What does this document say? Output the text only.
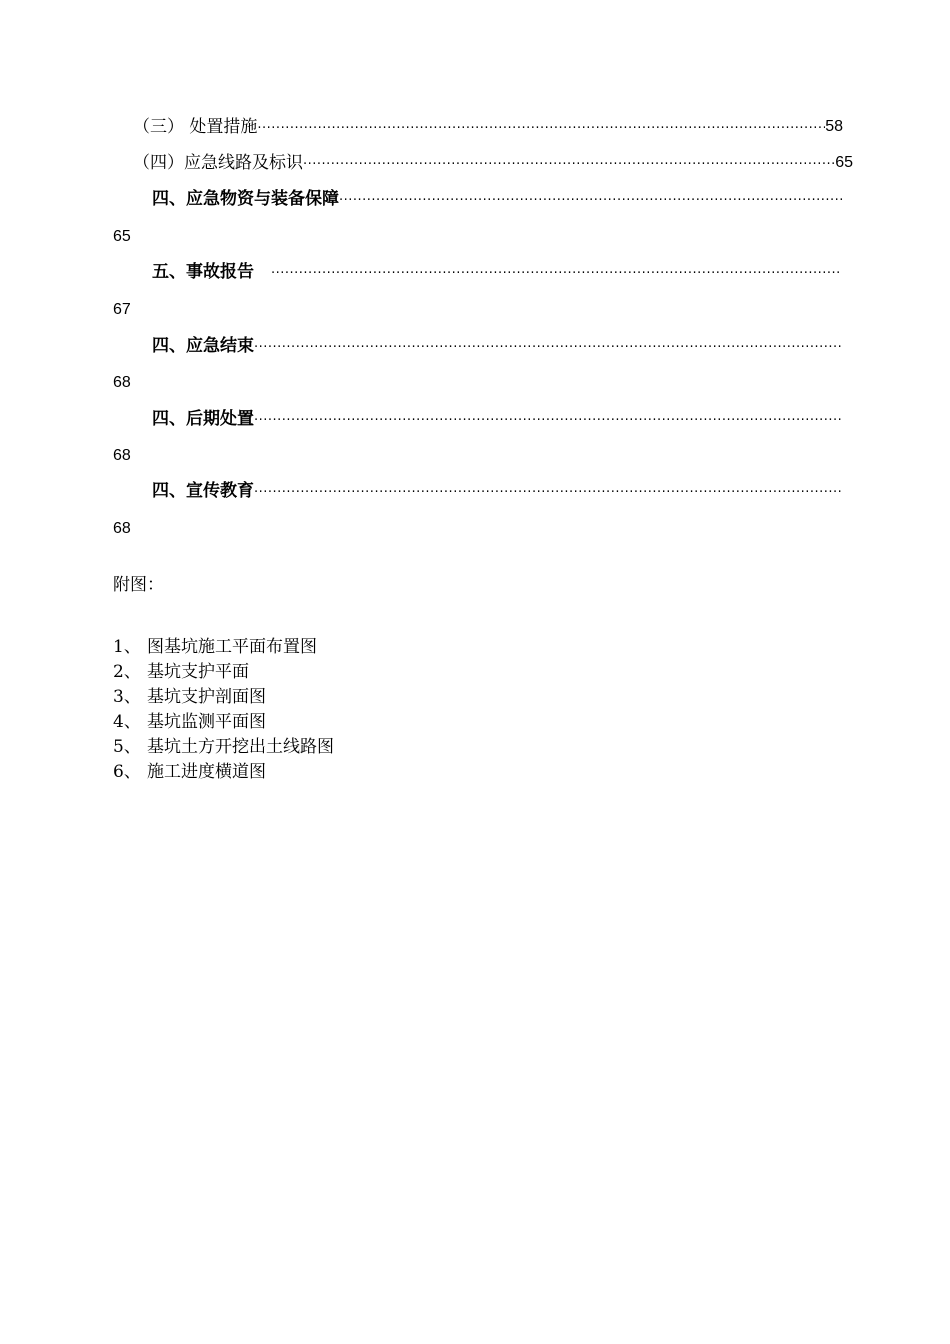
（三） 处置措施 ·····	58
（四）应急线路及标识 ·····	65
四、应急物资与装备保障
·····
65
五、事故报告　
·····
67
四、应急结束
·····
68
四、后期处置
·····
68
四、宣传教育
·····
68
附图：
1、 图基坑施工平面布置图
2、 基坑支护平面
3、 基坑支护剖面图
4、 基坑监测平面图
5、 基坑土方开挖出土线路图
6、 施工进度横道图
